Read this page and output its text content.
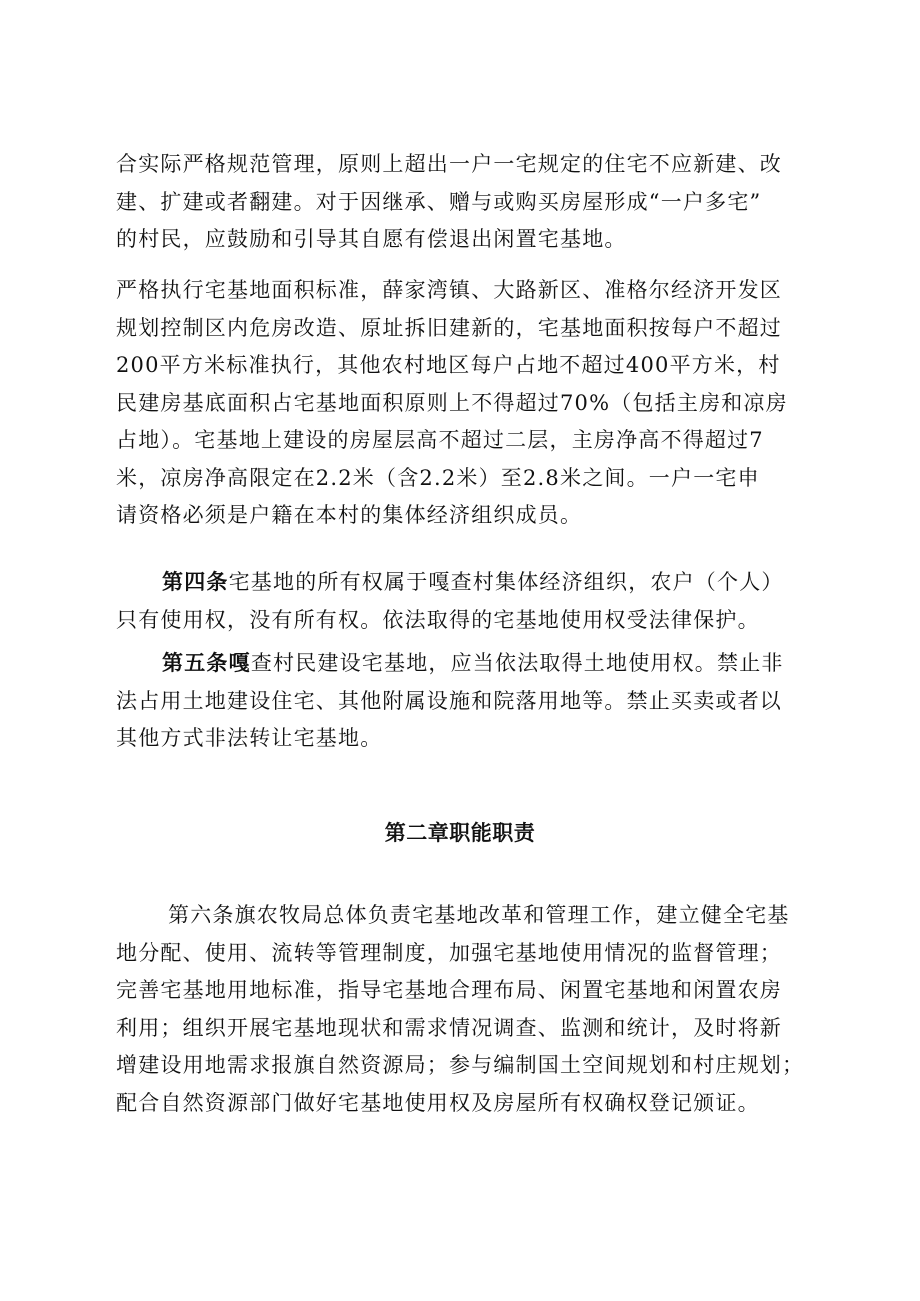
合实际严格规范管理，原则上超出一户一宅规定的住宅不应新建、改
建、扩建或者翻建。对于因继承、赠与或购买房屋形成“一户多宅”
的村民，应鼓励和引导其自愿有偿退出闲置宅基地。
严格执行宅基地面积标准，薛家湾镇、大路新区、准格尔经济开发区
规划控制区内危房改造、原址拆旧建新的，宅基地面积按每户不超过
200平方米标准执行，其他农村地区每户占地不超过400平方米，村
民建房基底面积占宅基地面积原则上不得超过70%（包括主房和凉房
占地）。宅基地上建设的房屋层高不超过二层，主房净高不得超过7
米，凉房净高限定在2.2米（含2.2米）至2.8米之间。一户一宅申
请资格必须是户籍在本村的集体经济组织成员。
第四条宅基地的所有权属于嘎查村集体经济组织，农户（个人）
只有使用权，没有所有权。依法取得的宅基地使用权受法律保护。
第五条嘎查村民建设宅基地，应当依法取得土地使用权。禁止非
法占用土地建设住宅、其他附属设施和院落用地等。禁止买卖或者以
其他方式非法转让宅基地。
第二章职能职责
第六条旗农牧局总体负责宅基地改革和管理工作，建立健全宅基
地分配、使用、流转等管理制度，加强宅基地使用情况的监督管理；
完善宅基地用地标准，指导宅基地合理布局、闲置宅基地和闲置农房
利用；组织开展宅基地现状和需求情况调查、监测和统计，及时将新
增建设用地需求报旗自然资源局；参与编制国土空间规划和村庄规划；
配合自然资源部门做好宅基地使用权及房屋所有权确权登记颁证。
